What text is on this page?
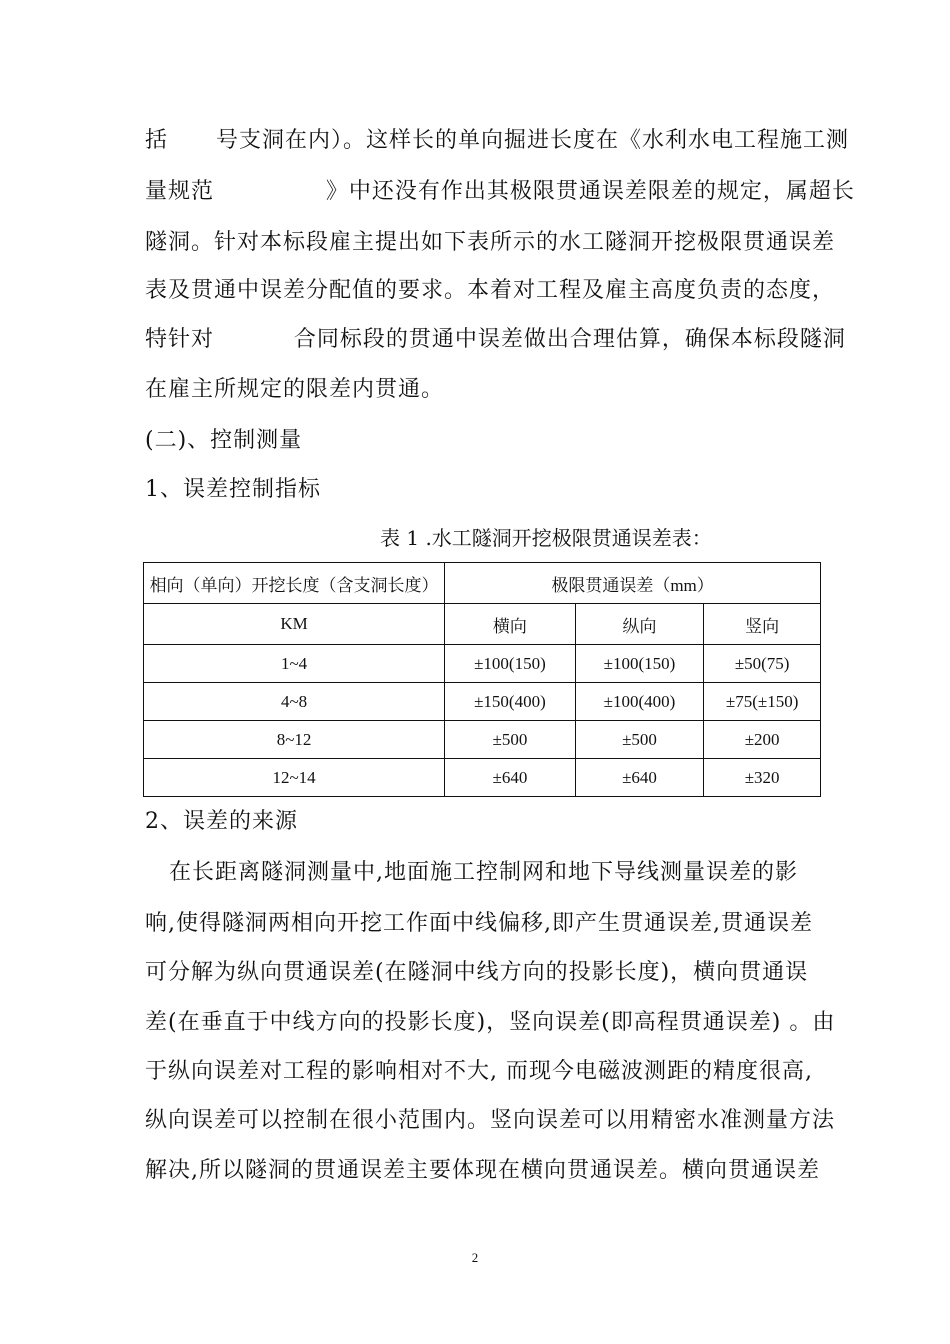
括      号支洞在内）。这样长的单向掘进长度在《水利水电工程施工测
量规范              》中还没有作出其极限贯通误差限差的规定，属超长
隧洞。针对本标段雇主提出如下表所示的水工隧洞开挖极限贯通误差
表及贯通中误差分配值的要求。本着对工程及雇主高度负责的态度，
特针对          合同标段的贯通中误差做出合理估算，确保本标段隧洞
在雇主所规定的限差内贯通。
(二)、控制测量
1、误差控制指标
表 1 .水工隧洞开挖极限贯通误差表：
相向（单向）开挖长度（含支洞长度）	极限贯通误差（mm）		
KM	横向	纵向	竖向
1~4	±100(150)	±100(150)	±50(75)
4~8	±150(400)	±100(400)	±75(±150)
8~12	±500	±500	±200
12~14	±640	±640	±320
2、误差的来源
在长距离隧洞测量中,地面施工控制网和地下导线测量误差的影
响,使得隧洞两相向开挖工作面中线偏移,即产生贯通误差,贯通误差
可分解为纵向贯通误差(在隧洞中线方向的投影长度)，横向贯通误
差(在垂直于中线方向的投影长度)，竖向误差(即高程贯通误差) 。由
于纵向误差对工程的影响相对不大, 而现今电磁波测距的精度很高,
纵向误差可以控制在很小范围内。竖向误差可以用精密水准测量方法
解决,所以隧洞的贯通误差主要体现在横向贯通误差。横向贯通误差
2
